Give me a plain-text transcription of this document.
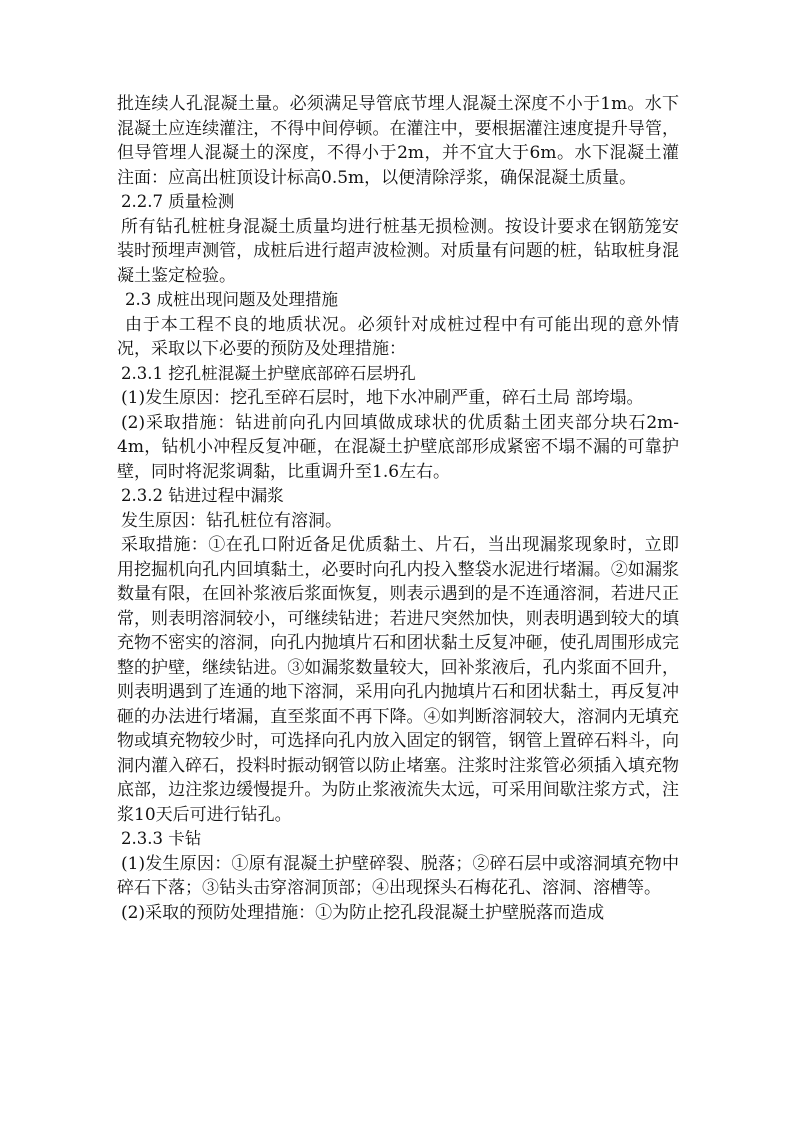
批连续人孔混凝土量。必须满足导管底节埋人混凝土深度不小于1m。水下混凝土应连续灌注，不得中间停顿。在灌注中，要根据灌注速度提升导管，但导管埋人混凝土的深度，不得小于2m，并不宜大于6m。水下混凝土灌注面：应高出桩顶设计标高0.5m，以便清除浮浆，确保混凝土质量。

2.2.7 质量检测

所有钻孔桩桩身混凝土质量均进行桩基无损检测。按设计要求在钢筋笼安装时预埋声测管，成桩后进行超声波检测。对质量有问题的桩，钻取桩身混凝土鉴定检验。

2.3 成桩出现问题及处理措施

由于本工程不良的地质状况。必须针对成桩过程中有可能出现的意外情况，采取以下必要的预防及处理措施：

2.3.1 挖孔桩混凝土护壁底部碎石层坍孔

(1)发生原因：挖孔至碎石层时，地下水冲刷严重，碎石土局 部垮塌。

(2)采取措施：钻进前向孔内回填做成球状的优质黏土团夹部分块石2m-4m，钻机小冲程反复冲砸，在混凝土护壁底部形成紧密不塌不漏的可靠护壁，同时将泥浆调黏，比重调升至1.6左右。

2.3.2 钻进过程中漏浆

发生原因：钻孔桩位有溶洞。

采取措施：①在孔口附近备足优质黏土、片石，当出现漏浆现象时，立即用挖掘机向孔内回填黏土，必要时向孔内投入整袋水泥进行堵漏。②如漏浆数量有限，在回补浆液后浆面恢复，则表示遇到的是不连通溶洞，若进尺正常，则表明溶洞较小，可继续钻进；若进尺突然加快，则表明遇到较大的填充物不密实的溶洞，向孔内抛填片石和团状黏土反复冲砸，使孔周围形成完整的护壁，继续钻进。③如漏浆数量较大，回补浆液后，孔内浆面不回升，则表明遇到了连通的地下溶洞，采用向孔内抛填片石和团状黏土，再反复冲砸的办法进行堵漏，直至浆面不再下降。④如判断溶洞较大，溶洞内无填充物或填充物较少时，可选择向孔内放入固定的钢管，钢管上置碎石料斗，向洞内灌入碎石，投料时振动钢管以防止堵塞。注浆时注浆管必须插入填充物底部，边注浆边缓慢提升。为防止浆液流失太远，可采用间歇注浆方式，注浆10天后可进行钻孔。

2.3.3 卡钻

(1)发生原因：①原有混凝土护壁碎裂、脱落；②碎石层中或溶洞填充物中碎石下落；③钻头击穿溶洞顶部；④出现探头石梅花孔、溶洞、溶槽等。

(2)采取的预防处理措施：①为防止挖孔段混凝土护壁脱落而造成
